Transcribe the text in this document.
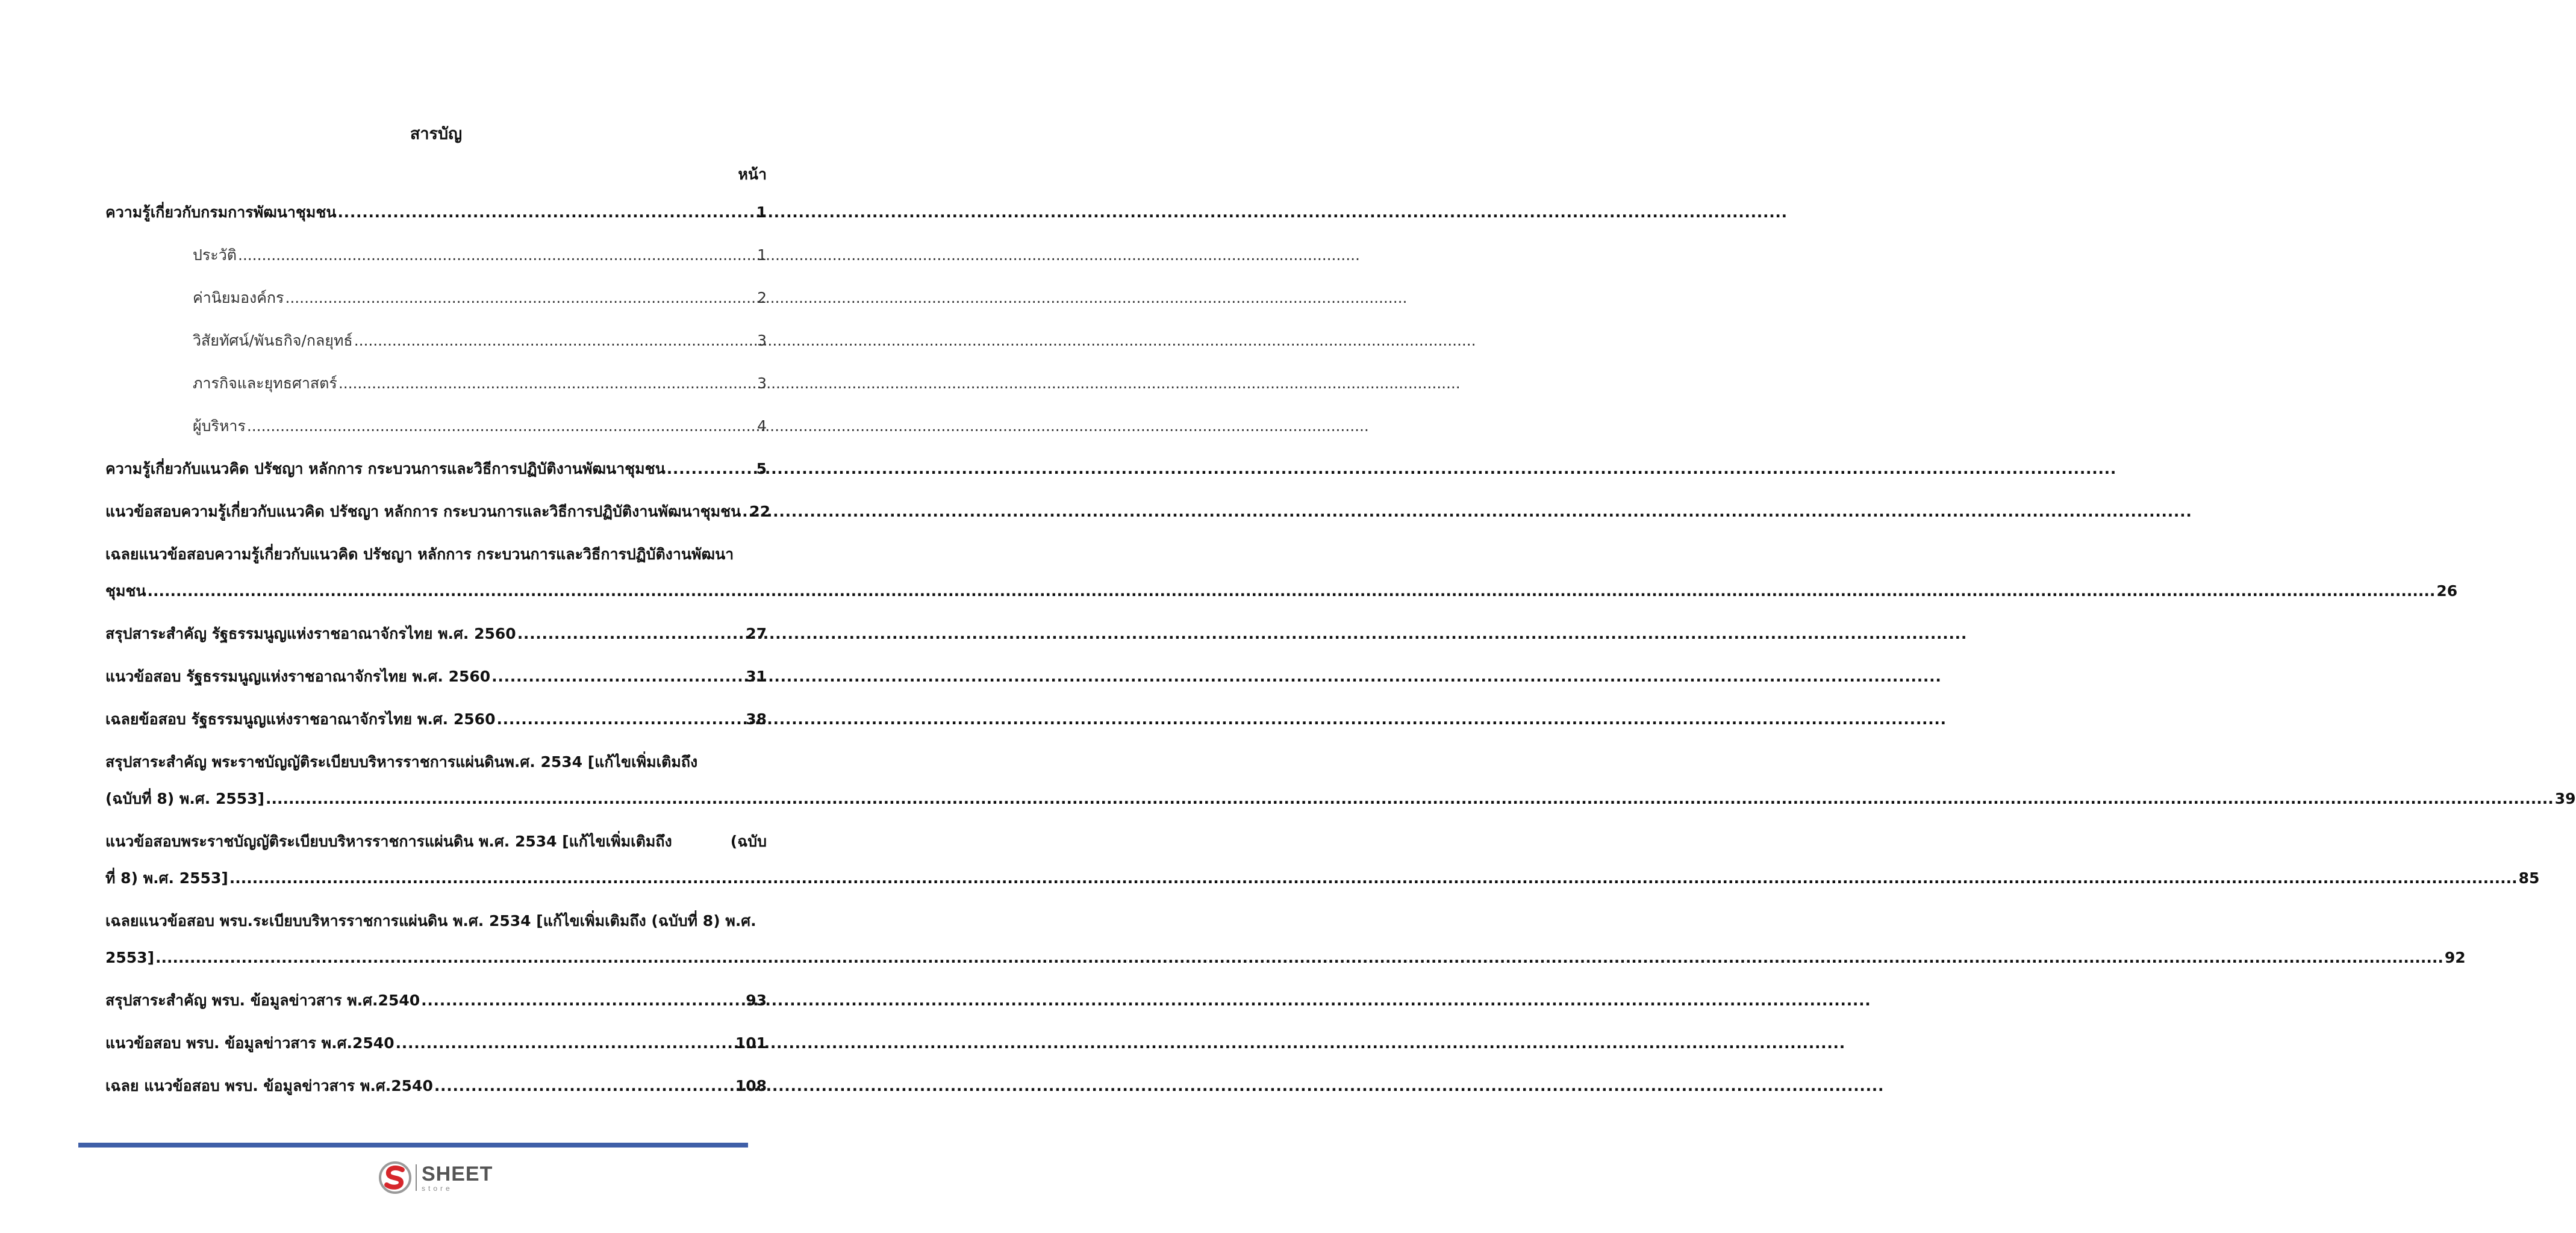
สารบัญ
หน้า
ความรู้เกี่ยวกับกรมการพัฒนาชุมชน . . .	1
ประวัติ . . .	1
ค่านิยมองค์กร . . .	2
วิสัยทัศน์/พันธกิจ/กลยุทธ์ . . .	3
ภารกิจและยุทธศาสตร์ . . .	3
ผู้บริหาร . . .	4
ความรู้เกี่ยวกับแนวคิด ปรัชญา หลักการ กระบวนการและวิธีการปฏิบัติงานพัฒนาชุมชน . . .	5
แนวข้อสอบความรู้เกี่ยวกับแนวคิด ปรัชญา หลักการ กระบวนการและวิธีการปฏิบัติงานพัฒนาชุมชน . . . 22
เฉลยแนวข้อสอบความรู้เกี่ยวกับแนวคิด ปรัชญา หลักการ กระบวนการและวิธีการปฏิบัติงานพัฒนา
ชุมชน ................................................................................................................................................................................................................................................................................................................................................................................................................ 26
สรุปสาระสำคัญ รัฐธรรมนูญแห่งราชอาณาจักรไทย พ.ศ. 2560 . . .	27
แนวข้อสอบ รัฐธรรมนูญแห่งราชอาณาจักรไทย พ.ศ. 2560 . . .	31
เฉลยข้อสอบ รัฐธรรมนูญแห่งราชอาณาจักรไทย พ.ศ. 2560 . . .	38
สรุปสาระสำคัญ พระราชบัญญัติระเบียบบริหารราชการแผ่นดินพ.ศ. 2534 [แก้ไขเพิ่มเติมถึง
(ฉบับที่ 8) พ.ศ. 2553] ................................................................................................................................................................................................................................................................................................................................................................................................................ 39
แนวข้อสอบพระราชบัญญัติระเบียบบริหารราชการแผ่นดิน พ.ศ. 2534 [แก้ไขเพิ่มเติมถึง	(ฉบับ
ที่ 8) พ.ศ. 2553] ................................................................................................................................................................................................................................................................................................................................................................................................................ 85
เฉลยแนวข้อสอบ พรบ.ระเบียบบริหารราชการแผ่นดิน พ.ศ. 2534 [แก้ไขเพิ่มเติมถึง (ฉบับที่ 8) พ.ศ.
2553] ................................................................................................................................................................................................................................................................................................................................................................................................................ 92
สรุปสาระสำคัญ พรบ. ข้อมูลข่าวสาร พ.ศ.2540 . . .	93
แนวข้อสอบ พรบ. ข้อมูลข่าวสาร พ.ศ.2540 . . .	101
เฉลย แนวข้อสอบ พรบ. ข้อมูลข่าวสาร พ.ศ.2540 . . .	108
SHEET
store
